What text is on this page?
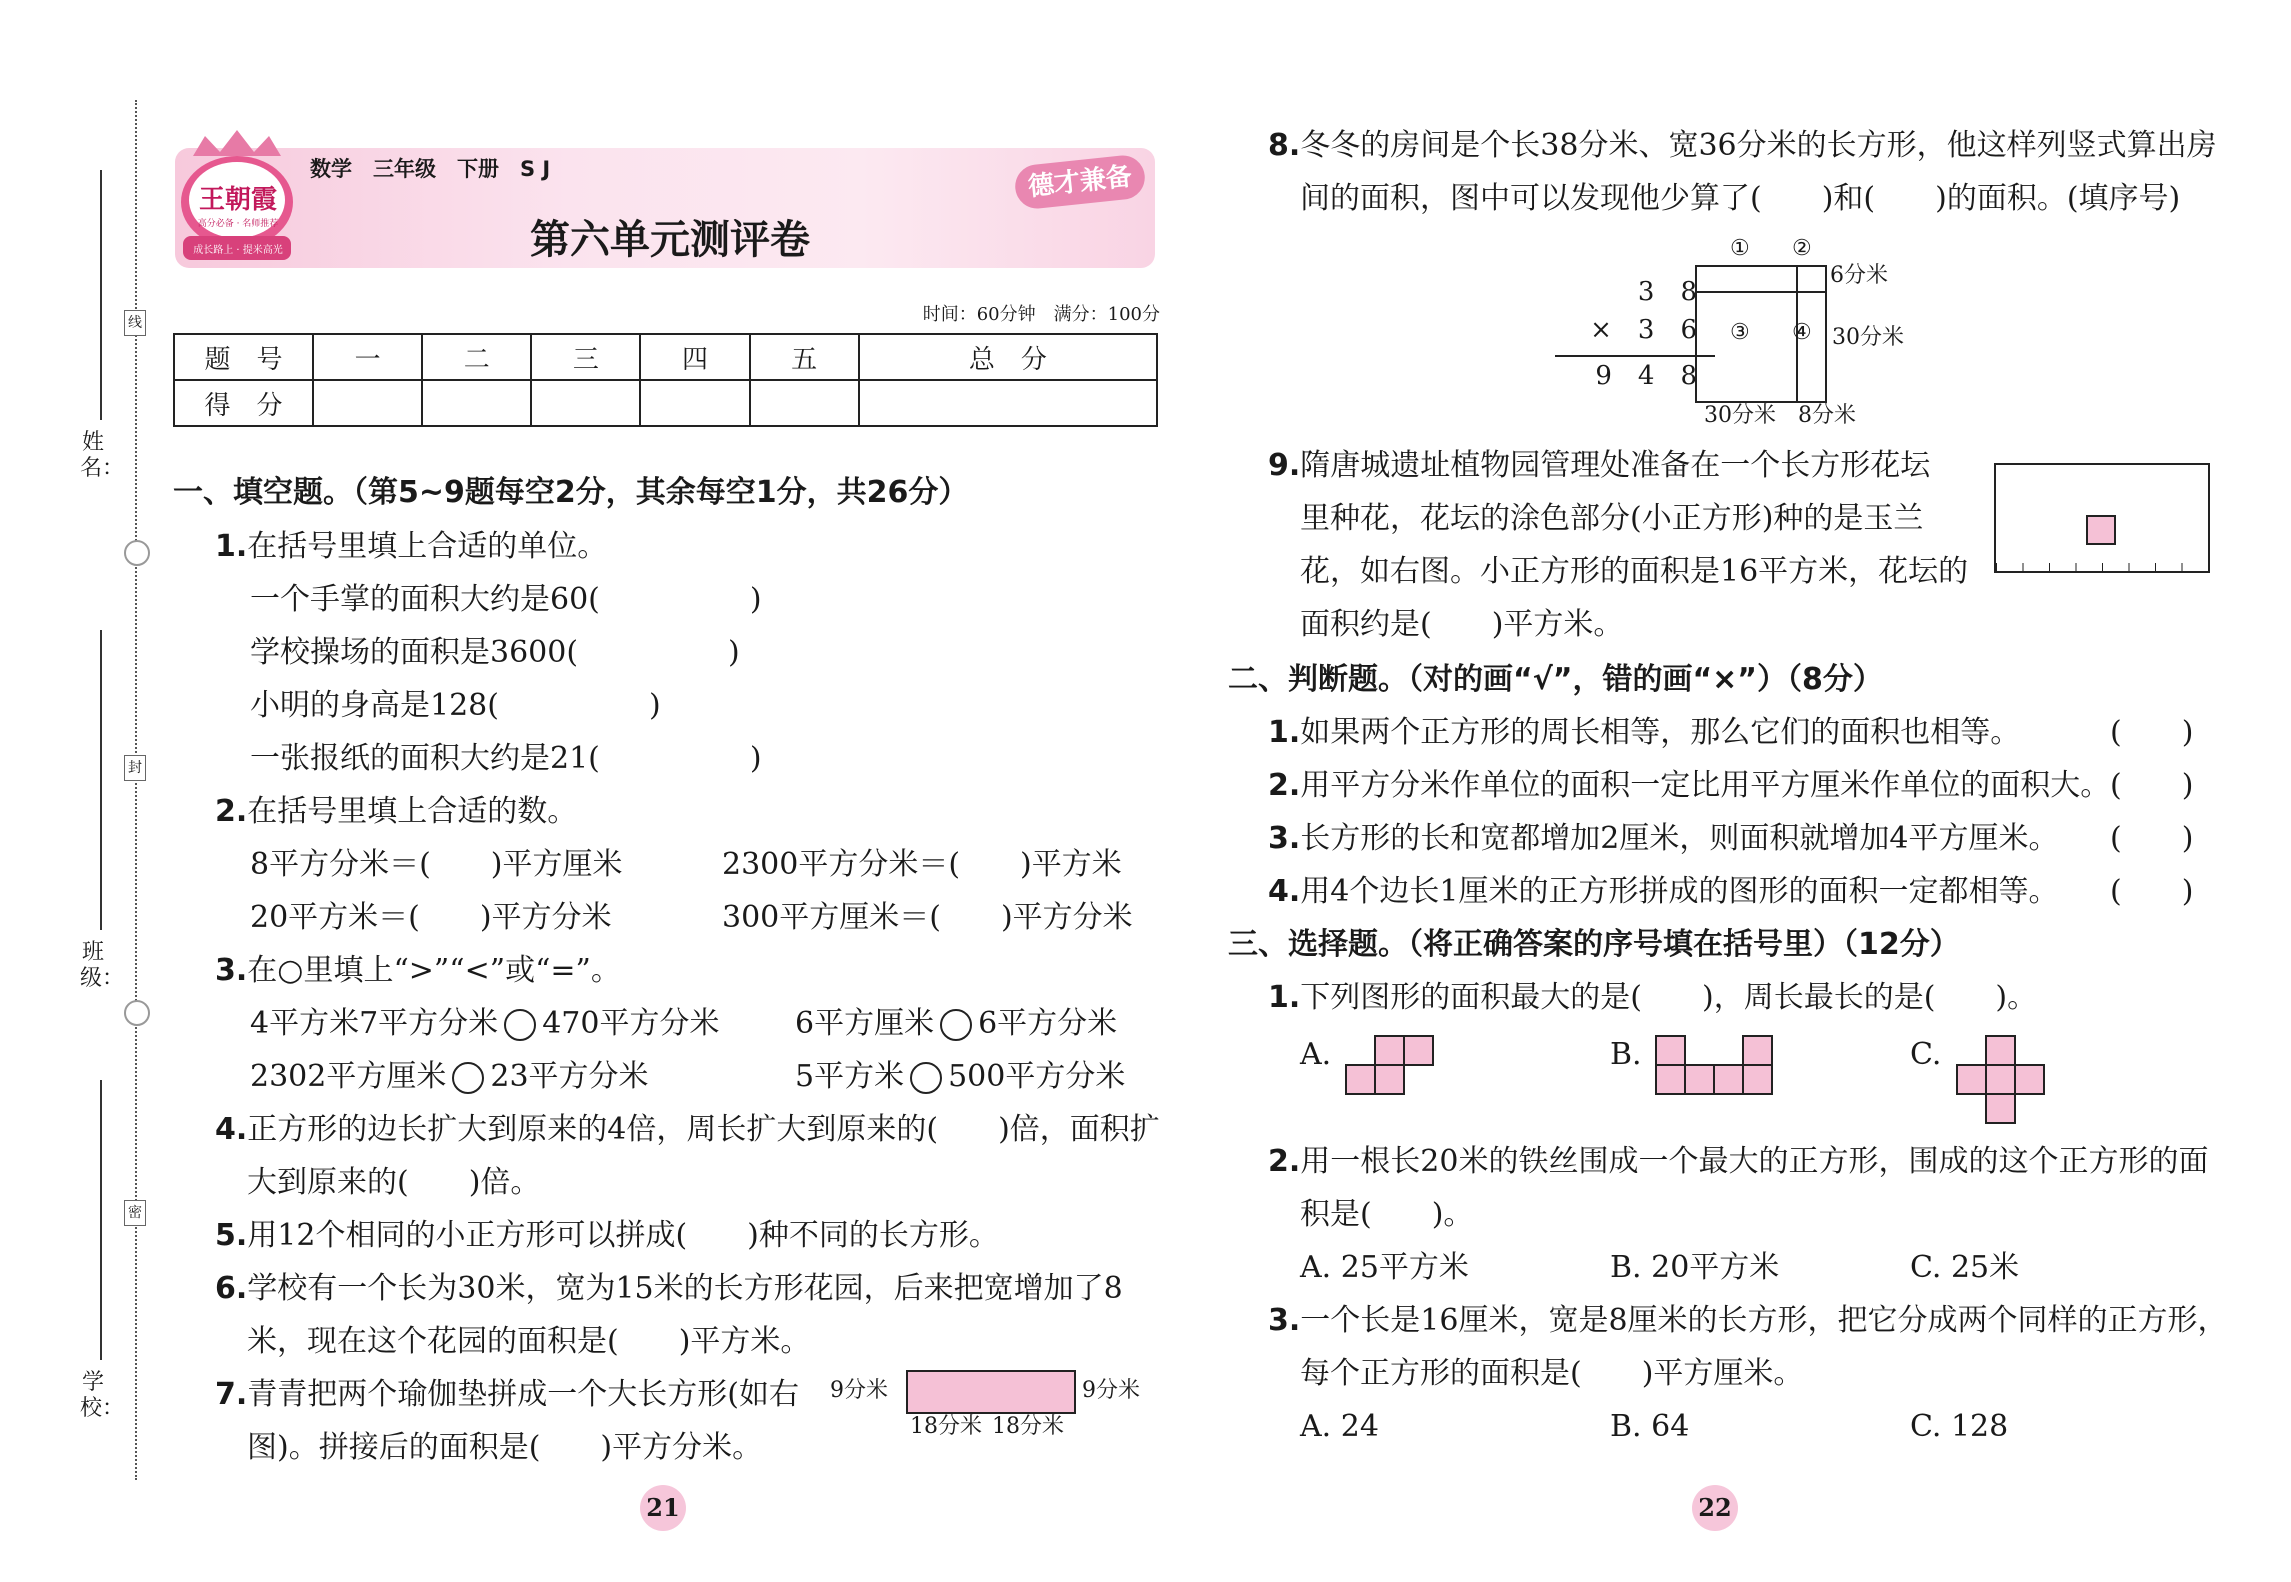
姓名：
线
班级：
封
学校：
密
王朝霞
高分必备 · 名师推荐
成长路上 · 提米高光
数学　三年级　下册　S J	德才兼备
第六单元测评卷
时间：60分钟　满分：100分
题　号	一	二	三	四	五	总　分
得　分						
一、填空题。（第5~9题每空2分，其余每空1分，共26分）
1.在括号里填上合适的单位。
一个手掌的面积大约是60(　　　　　)
学校操场的面积是3600(　　　　　)
小明的身高是128(　　　　　)
一张报纸的面积大约是21(　　　　　)
2.在括号里填上合适的数。
8平方分米＝(　　)平方厘米	2300平方分米＝(　　)平方米
20平方米＝(　　)平方分米	300平方厘米＝(　　)平方分米
3.在○里填上“>”“<”或“=”。
4平方米7平方分米 470平方分米	6平方厘米 6平方分米
2302平方厘米 23平方分米	5平方米 500平方分米
4.正方形的边长扩大到原来的4倍，周长扩大到原来的(　　)倍，面积扩
大到原来的(　　)倍。
5.用12个相同的小正方形可以拼成(　　)种不同的长方形。
6.学校有一个长为30米，宽为15米的长方形花园，后来把宽增加了8
米，现在这个花园的面积是(　　)平方米。
7.青青把两个瑜伽垫拼成一个大长方形(如右
图)。拼接后的面积是(　　)平方分米。
9分米	9分米
18分米 18分米
8.冬冬的房间是个长38分米、宽36分米的长方形，他这样列竖式算出房
间的面积，图中可以发现他少算了(　　)和(　　)的面积。(填序号)
3　8
×　3　6
9　4　8
① ②
③ ④
6分米
30分米
30分米 8分米
9.隋唐城遗址植物园管理处准备在一个长方形花坛
里种花，花坛的涂色部分(小正方形)种的是玉兰
花，如右图。小正方形的面积是16平方米，花坛的
面积约是(　　)平方米。
二、判断题。（对的画“√”，错的画“×”）（8分）
1.如果两个正方形的周长相等，那么它们的面积也相等。	(　　)
2.用平方分米作单位的面积一定比用平方厘米作单位的面积大。 (　　)
3.长方形的长和宽都增加2厘米，则面积就增加4平方厘米。 (　　)
4.用4个边长1厘米的正方形拼成的图形的面积一定都相等。 (　　)
三、选择题。（将正确答案的序号填在括号里）（12分）
1.下列图形的面积最大的是(　　)，周长最长的是(　　)。
A.	B.	C.
2.用一根长20米的铁丝围成一个最大的正方形，围成的这个正方形的面
积是(　　)。
A. 25平方米	B. 20平方米	C. 25米
3.一个长是16厘米，宽是8厘米的长方形，把它分成两个同样的正方形，
每个正方形的面积是(　　)平方厘米。
A. 24	B. 64	C. 128
21	22
